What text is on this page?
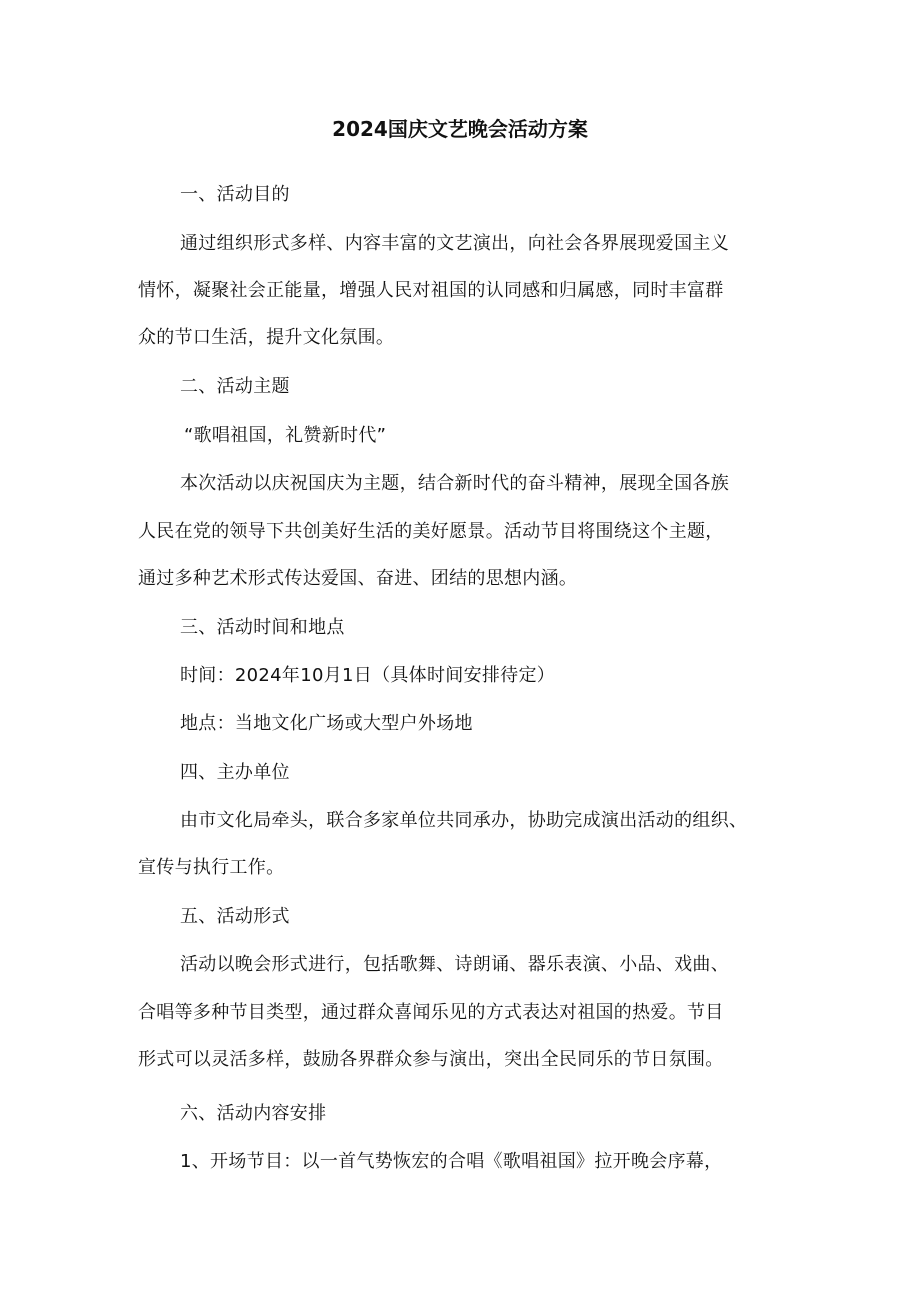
2024国庆文艺晚会活动方案
一、活动目的
通过组织形式多样、内容丰富的文艺演出，向社会各界展现爱国主义
情怀，凝聚社会正能量，增强人民对祖国的认同感和归属感，同时丰富群
众的节口生活，提升文化氛围。
二、活动主题
“歌唱祖国，礼赞新时代”
本次活动以庆祝国庆为主题，结合新时代的奋斗精神，展现全国各族
人民在党的领导下共创美好生活的美好愿景。活动节目将围绕这个主题，
通过多种艺术形式传达爱国、奋进、团结的思想内涵。
三、活动时间和地点
时间：2024年10月1日（具体时间安排待定）
地点：当地文化广场或大型户外场地
四、主办单位
由市文化局牵头，联合多家单位共同承办，协助完成演出活动的组织、
宣传与执行工作。
五、活动形式
活动以晚会形式进行，包括歌舞、诗朗诵、器乐表演、小品、戏曲、
合唱等多种节目类型，通过群众喜闻乐见的方式表达对祖国的热爱。节目
形式可以灵活多样，鼓励各界群众参与演出，突出全民同乐的节日氛围。
六、活动内容安排
1、开场节目：以一首气势恢宏的合唱《歌唱祖国》拉开晚会序幕，
